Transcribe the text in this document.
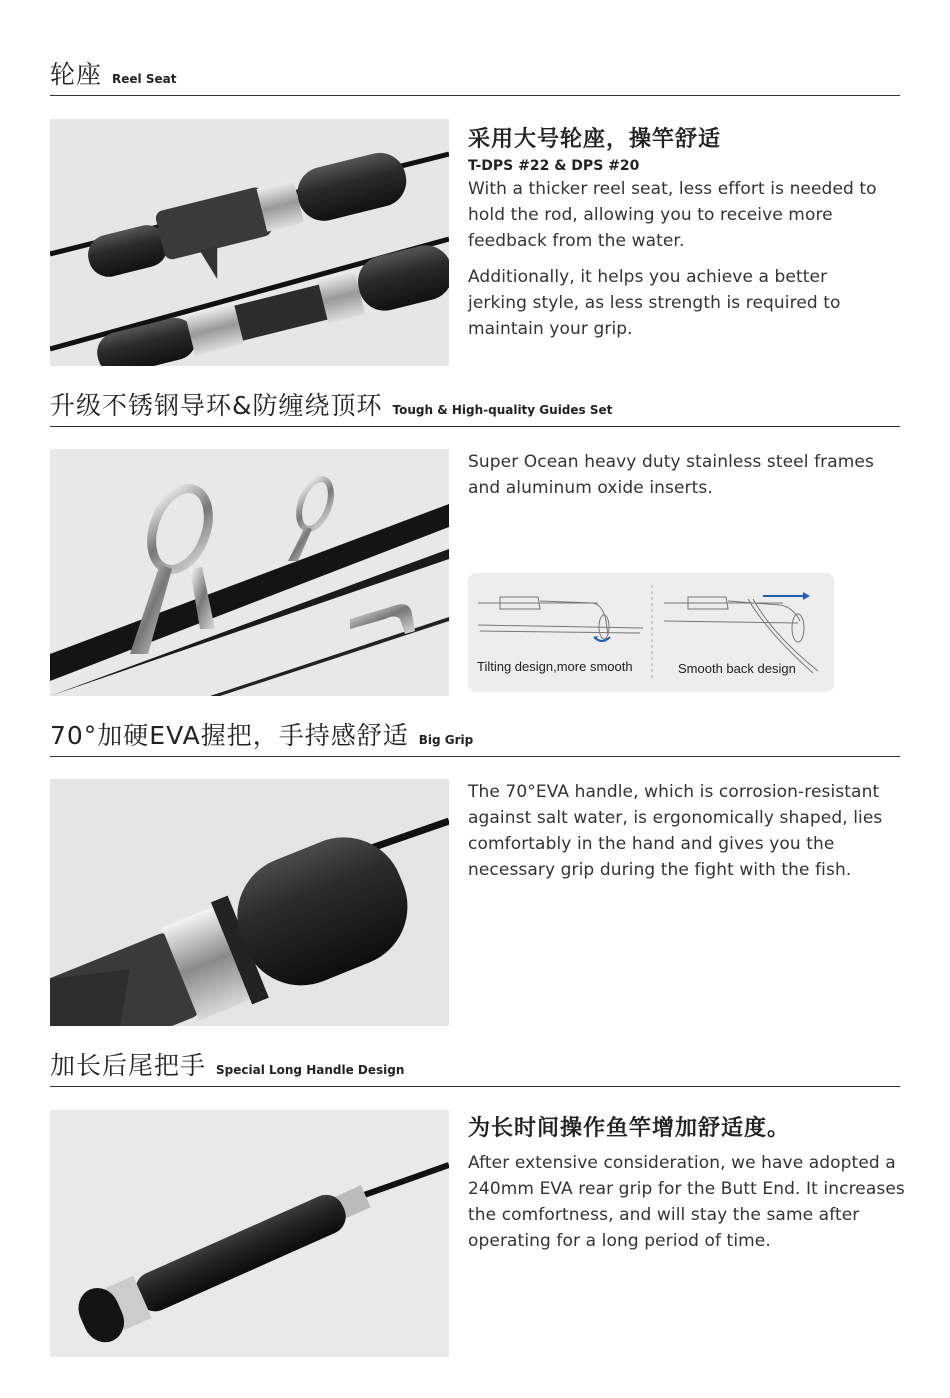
轮座 Reel Seat
采用大号轮座，操竿舒适
T-DPS #22 & DPS #20

With a thicker reel seat, less effort is needed to hold the rod, allowing you to receive more feedback from the water.

Additionally, it helps you achieve a better jerking style, as less strength is required to maintain your grip.

升级不锈钢导环&防缠绕顶环 Tough & High-quality Guides Set

Super Ocean heavy duty stainless steel frames and aluminum oxide inserts.

Tilting design,more smooth	Smooth back design
70°加硬EVA握把，手持感舒适 Big Grip

The 70°EVA handle, which is corrosion-resistant against salt water, is ergonomically shaped, lies comfortably in the hand and gives you the necessary grip during the fight with the fish.

加长后尾把手 Special Long Handle Design
为长时间操作鱼竿增加舒适度。

After extensive consideration, we have adopted a 240mm EVA rear grip for the Butt End. It increases the comfortness, and will stay the same after operating for a long period of time.
